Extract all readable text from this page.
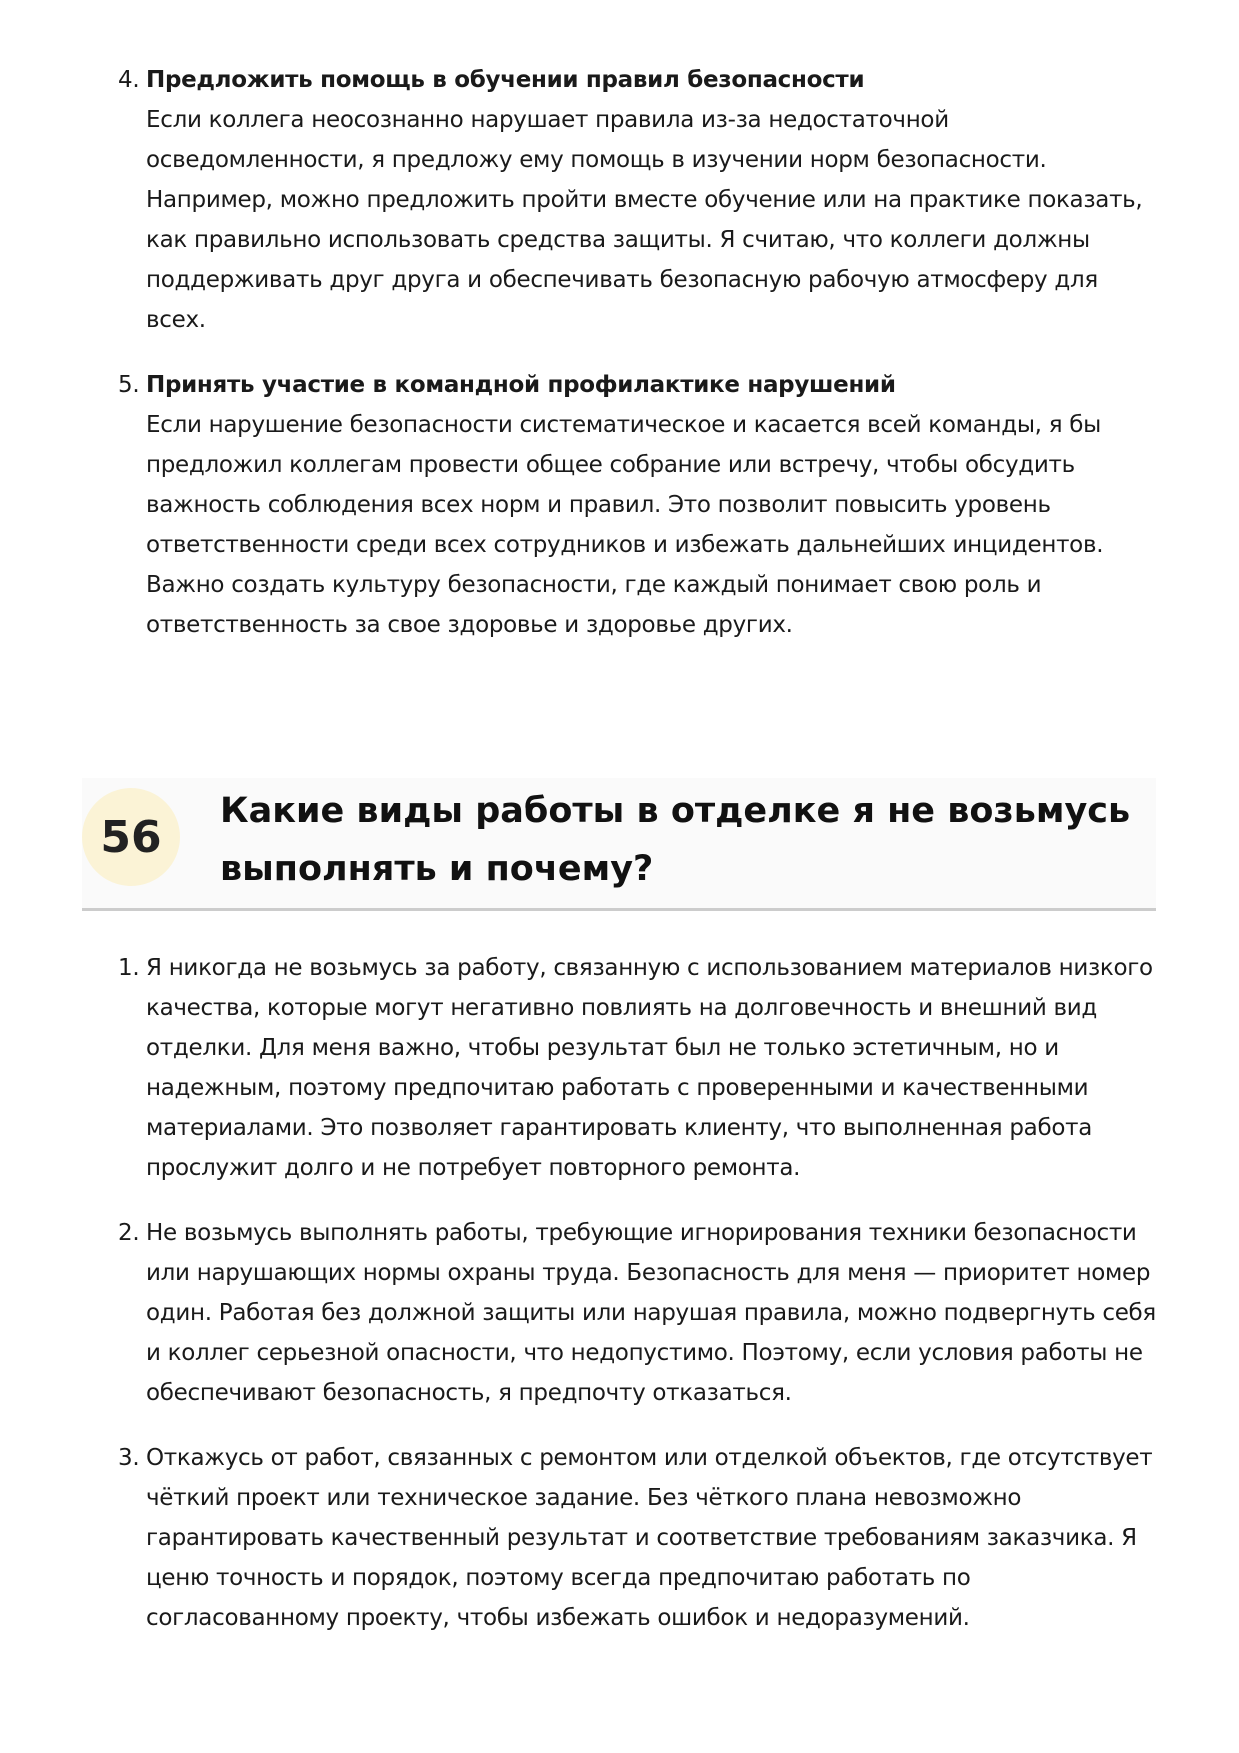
4. Предложить помощь в обучении правил безопасности
Если коллега неосознанно нарушает правила из-за недостаточной осведомленности, я предложу ему помощь в изучении норм безопасности. Например, можно предложить пройти вместе обучение или на практике показать, как правильно использовать средства защиты. Я считаю, что коллеги должны поддерживать друг друга и обеспечивать безопасную рабочую атмосферу для всех.
5. Принять участие в командной профилактике нарушений
Если нарушение безопасности систематическое и касается всей команды, я бы предложил коллегам провести общее собрание или встречу, чтобы обсудить важность соблюдения всех норм и правил. Это позволит повысить уровень ответственности среди всех сотрудников и избежать дальнейших инцидентов. Важно создать культуру безопасности, где каждый понимает свою роль и ответственность за свое здоровье и здоровье других.
56
Какие виды работы в отделке я не возьмусь выполнять и почему?
1. Я никогда не возьмусь за работу, связанную с использованием материалов низкого качества, которые могут негативно повлиять на долговечность и внешний вид отделки. Для меня важно, чтобы результат был не только эстетичным, но и надежным, поэтому предпочитаю работать с проверенными и качественными материалами. Это позволяет гарантировать клиенту, что выполненная работа прослужит долго и не потребует повторного ремонта.
2. Не возьмусь выполнять работы, требующие игнорирования техники безопасности или нарушающих нормы охраны труда. Безопасность для меня — приоритет номер один. Работая без должной защиты или нарушая правила, можно подвергнуть себя и коллег серьезной опасности, что недопустимо. Поэтому, если условия работы не обеспечивают безопасность, я предпочту отказаться.
3. Откажусь от работ, связанных с ремонтом или отделкой объектов, где отсутствует чёткий проект или техническое задание. Без чёткого плана невозможно гарантировать качественный результат и соответствие требованиям заказчика. Я ценю точность и порядок, поэтому всегда предпочитаю работать по согласованному проекту, чтобы избежать ошибок и недоразумений.
